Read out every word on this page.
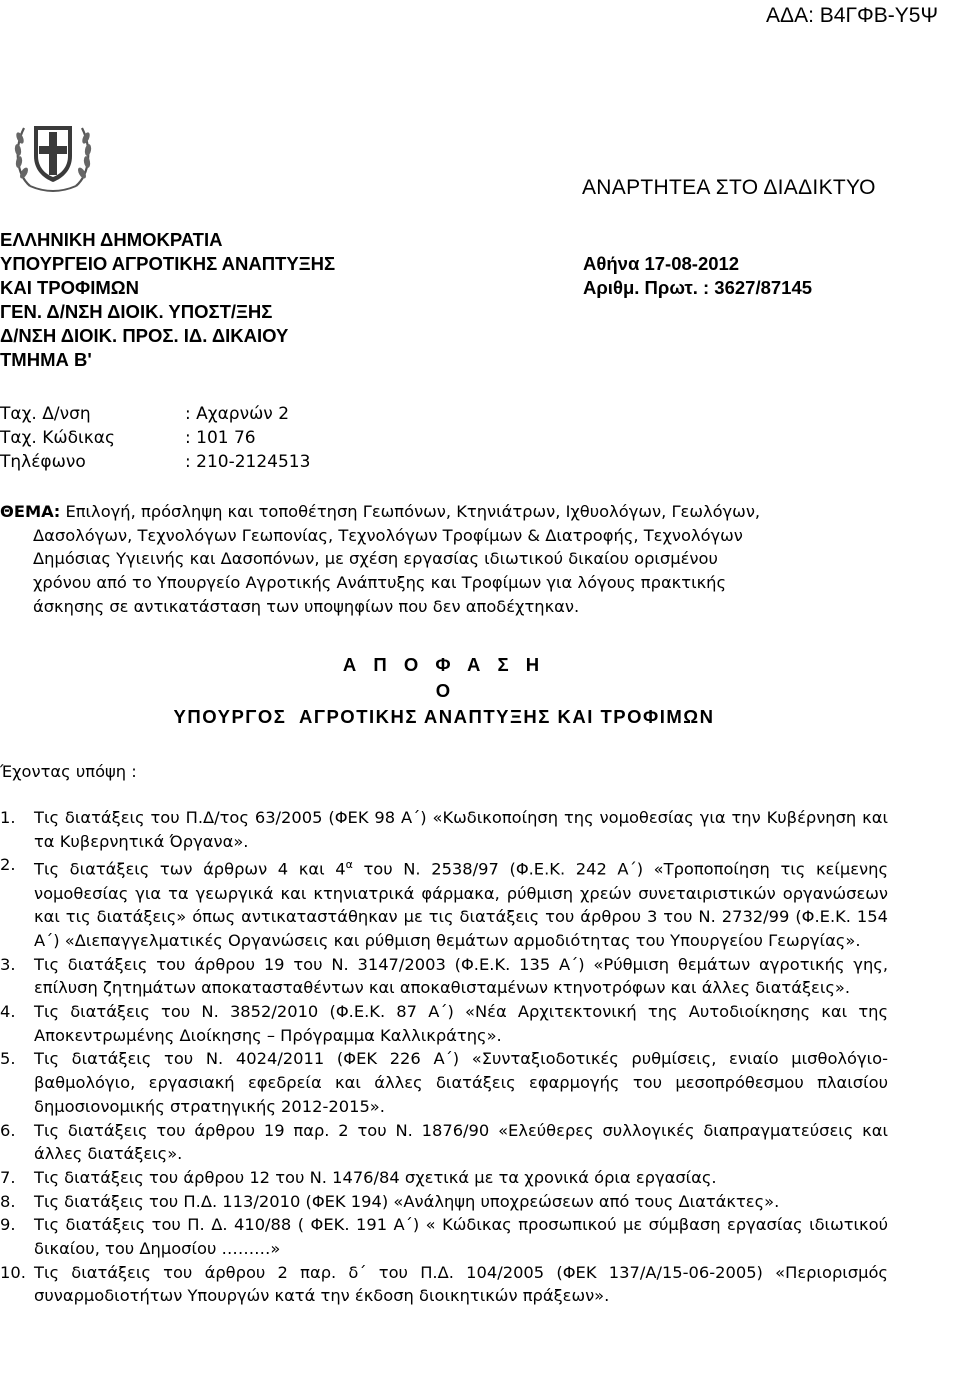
ΑΔΑ: Β4ΓΦΒ-Υ5Ψ
ΑΝΑΡΤΗΤΕΑ ΣΤΟ ΔΙΑΔΙΚΤΥΟ
ΕΛΛΗΝΙΚΗ ΔΗΜΟΚΡΑΤΙΑ
ΥΠΟΥΡΓΕΙΟ ΑΓΡΟΤΙΚΗΣ ΑΝΑΠΤΥΞΗΣ
ΚΑΙ ΤΡΟΦΙΜΩΝ
ΓΕΝ. Δ/ΝΣΗ ΔΙΟΙΚ. ΥΠΟΣΤ/ΞΗΣ
Δ/ΝΣΗ ΔΙΟΙΚ. ΠΡΟΣ. ΙΔ. ΔΙΚΑΙΟΥ
ΤΜΗΜΑ Β'
Αθήνα 17-08-2012
Αριθμ. Πρωτ. : 3627/87145
Ταχ. Δ/νση	: Αχαρνών 2
Ταχ. Κώδικας	: 101 76
Τηλέφωνο	: 210-2124513
ΘΕΜΑ: Επιλογή, πρόσληψη και τοποθέτηση Γεωπόνων, Κτηνιάτρων, Ιχθυολόγων, Γεωλόγων,
Δασολόγων, Τεχνολόγων Γεωπονίας, Τεχνολόγων Τροφίμων & Διατροφής, Τεχνολόγων
Δημόσιας Υγιεινής και Δασοπόνων, με σχέση εργασίας ιδιωτικού δικαίου ορισμένου
χρόνου από το Υπουργείο Αγροτικής Ανάπτυξης και Τροφίμων για λόγους πρακτικής
άσκησης σε αντικατάσταση των υποψηφίων που δεν αποδέχτηκαν.
Α Π Ο Φ Α Σ Η
Ο
ΥΠΟΥΡΓΟΣ  ΑΓΡΟΤΙΚΗΣ ΑΝΑΠΤΥΞΗΣ ΚΑΙ ΤΡΟΦΙΜΩΝ
Έχοντας υπόψη :
1.	Τις διατάξεις του Π.Δ/τος 63/2005 (ΦΕΚ 98 Α΄) «Κωδικοποίηση της νομοθεσίας για την Κυβέρνηση και τα Κυβερνητικά Όργανα».
2.	Τις διατάξεις των άρθρων 4 και $4^\alpha$ του Ν. 2538/97 (Φ.Ε.Κ. 242 Α΄) «Τροποποίηση τις κείμενης νομοθεσίας για τα γεωργικά και κτηνιατρικά φάρμακα, ρύθμιση χρεών συνεταιριστικών οργανώσεων και τις διατάξεις» όπως αντικαταστάθηκαν με τις διατάξεις του άρθρου 3 του Ν. 2732/99 (Φ.Ε.Κ. 154 Α΄) «Διεπαγγελματικές Οργανώσεις και ρύθμιση θεμάτων αρμοδιότητας του Υπουργείου Γεωργίας».
3.	Τις διατάξεις του άρθρου 19 του Ν. 3147/2003 (Φ.Ε.Κ. 135 Α΄) «Ρύθμιση θεμάτων αγροτικής γης, επίλυση ζητημάτων αποκατασταθέντων και αποκαθισταμένων κτηνοτρόφων και άλλες διατάξεις».
4.	Τις διατάξεις του Ν. 3852/2010 (Φ.Ε.Κ. 87 Α΄) «Νέα Αρχιτεκτονική της Αυτοδιοίκησης και της Αποκεντρωμένης Διοίκησης – Πρόγραμμα Καλλικράτης».
5.	Τις διατάξεις του Ν. 4024/2011 (ΦΕΚ 226 Α΄) «Συνταξιοδοτικές ρυθμίσεις, ενιαίο μισθολόγιο-βαθμολόγιο, εργασιακή εφεδρεία και άλλες διατάξεις εφαρμογής του μεσοπρόθεσμου πλαισίου δημοσιονομικής στρατηγικής 2012-2015».
6.	Τις διατάξεις του άρθρου 19 παρ. 2 του Ν. 1876/90 «Ελεύθερες συλλογικές διαπραγματεύσεις και άλλες διατάξεις».
7.	Τις διατάξεις του άρθρου 12 του Ν. 1476/84 σχετικά με τα χρονικά όρια εργασίας.
8.	Τις διατάξεις του Π.Δ. 113/2010 (ΦΕΚ 194) «Ανάληψη υποχρεώσεων από τους Διατάκτες».
9.	Τις διατάξεις του Π. Δ. 410/88 ( ΦΕΚ. 191 Α΄) « Κώδικας προσωπικού με σύμβαση εργασίας ιδιωτικού δικαίου, του Δημοσίου ………»
10. Τις διατάξεις του άρθρου 2 παρ. δ΄ του Π.Δ. 104/2005 (ΦΕΚ 137/Α/15-06-2005) «Περιορισμός συναρμοδιοτήτων Υπουργών κατά την έκδοση διοικητικών πράξεων».
